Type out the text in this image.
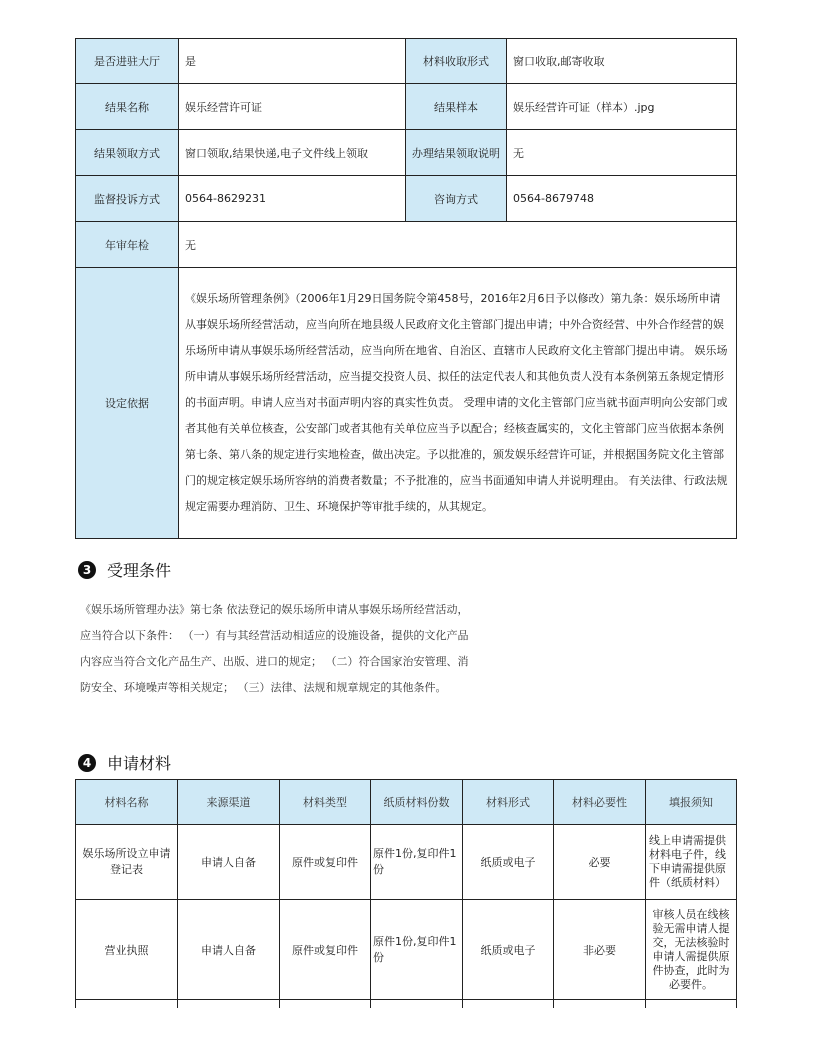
是否进驻大厅	是	材料收取形式	窗口收取,邮寄收取
结果名称	娱乐经营许可证	结果样本	娱乐经营许可证（样本）.jpg
结果领取方式	窗口领取,结果快递,电子文件线上领取	办理结果领取说明	无
监督投诉方式	0564-8629231	咨询方式	0564-8679748
年审年检	无		
设定依据	《娱乐场所管理条例》（2006年1月29日国务院令第458号，2016年2月6日予以修改）第九条：娱乐场所申请从事娱乐场所经营活动，应当向所在地县级人民政府文化主管部门提出申请；中外合资经营、中外合作经营的娱乐场所申请从事娱乐场所经营活动，应当向所在地省、自治区、直辖市人民政府文化主管部门提出申请。 娱乐场所申请从事娱乐场所经营活动，应当提交投资人员、拟任的法定代表人和其他负责人没有本条例第五条规定情形的书面声明。申请人应当对书面声明内容的真实性负责。 受理申请的文化主管部门应当就书面声明向公安部门或者其他有关单位核查，公安部门或者其他有关单位应当予以配合；经核查属实的，文化主管部门应当依据本条例第七条、第八条的规定进行实地检查，做出决定。予以批准的，颁发娱乐经营许可证，并根据国务院文化主管部门的规定核定娱乐场所容纳的消费者数量；不予批准的，应当书面通知申请人并说明理由。 有关法律、行政法规规定需要办理消防、卫生、环境保护等审批手续的，从其规定。		
3 受理条件
《娱乐场所管理办法》第七条 依法登记的娱乐场所申请从事娱乐场所经营活动，应当符合以下条件： （一）有与其经营活动相适应的设施设备，提供的文化产品内容应当符合文化产品生产、出版、进口的规定； （二）符合国家治安管理、消防安全、环境噪声等相关规定； （三）法律、法规和规章规定的其他条件。
4 申请材料
材料名称	来源渠道	材料类型	纸质材料份数	材料形式	材料必要性	填报须知
娱乐场所设立申请登记表	申请人自备	原件或复印件	原件1份,复印件1份	纸质或电子	必要	线上申请需提供材料电子件，线下申请需提供原件（纸质材料）
营业执照	申请人自备	原件或复印件	原件1份,复印件1份	纸质或电子	非必要	审核人员在线核验无需申请人提交，无法核验时申请人需提供原件协查，此时为必要件。
